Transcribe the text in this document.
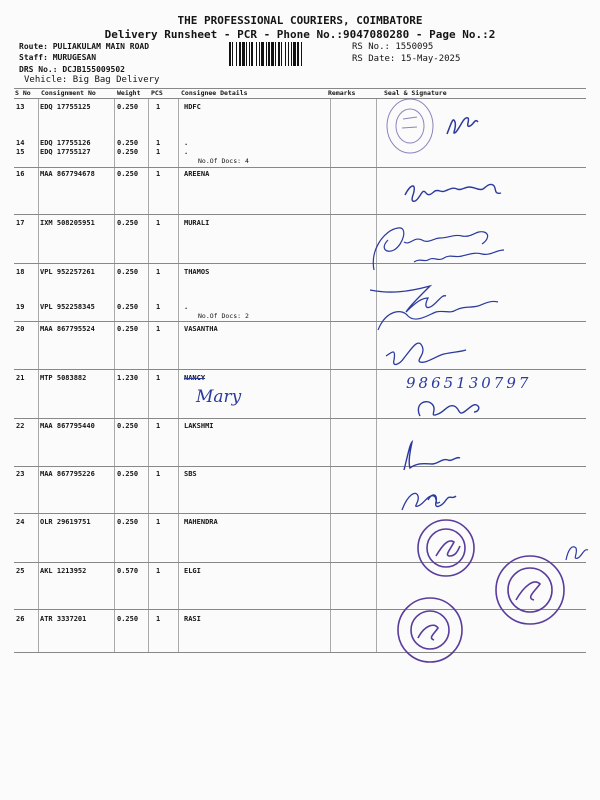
THE PROFESSIONAL COURIERS, COIMBATORE
Delivery Runsheet - PCR - Phone No.:9047080280 - Page No.:2
Route: PULIAKULAM MAIN ROAD
Staff: MURUGESAN
DRS No.: DCJB155009502
Vehicle: Big Bag Delivery
RS No.: 1550095
RS Date: 15-May-2025
S No Consignment No	Weight PCS	Consignee Details	Remarks	Seal & Signature
13 EDQ 17755125	0.250	1	HDFC
14 EDQ 17755126	0.250	1	.
15 EDQ 17755127	0.250	1	.
No.Of Docs: 4
16 MAA 867794678	0.250	1	AREENA
17 IXM 508205951	0.250	1	MURALI
18 VPL 952257261	0.250	1	THAMOS
19 VPL 952258345	0.250	1	.
No.Of Docs: 2
20 MAA 867795524	0.250	1	VASANTHA
21 MTP 5083882	1.230	1	NANCY
22 MAA 867795440	0.250	1	LAKSHMI
23 MAA 867795226	0.250	1	SBS
24 OLR 29619751	0.250	1	MAHENDRA
25 AKL 1213952	0.570	1	ELGI
26 ATR 3337201	0.250	1	RASI
Mary
9865130797
